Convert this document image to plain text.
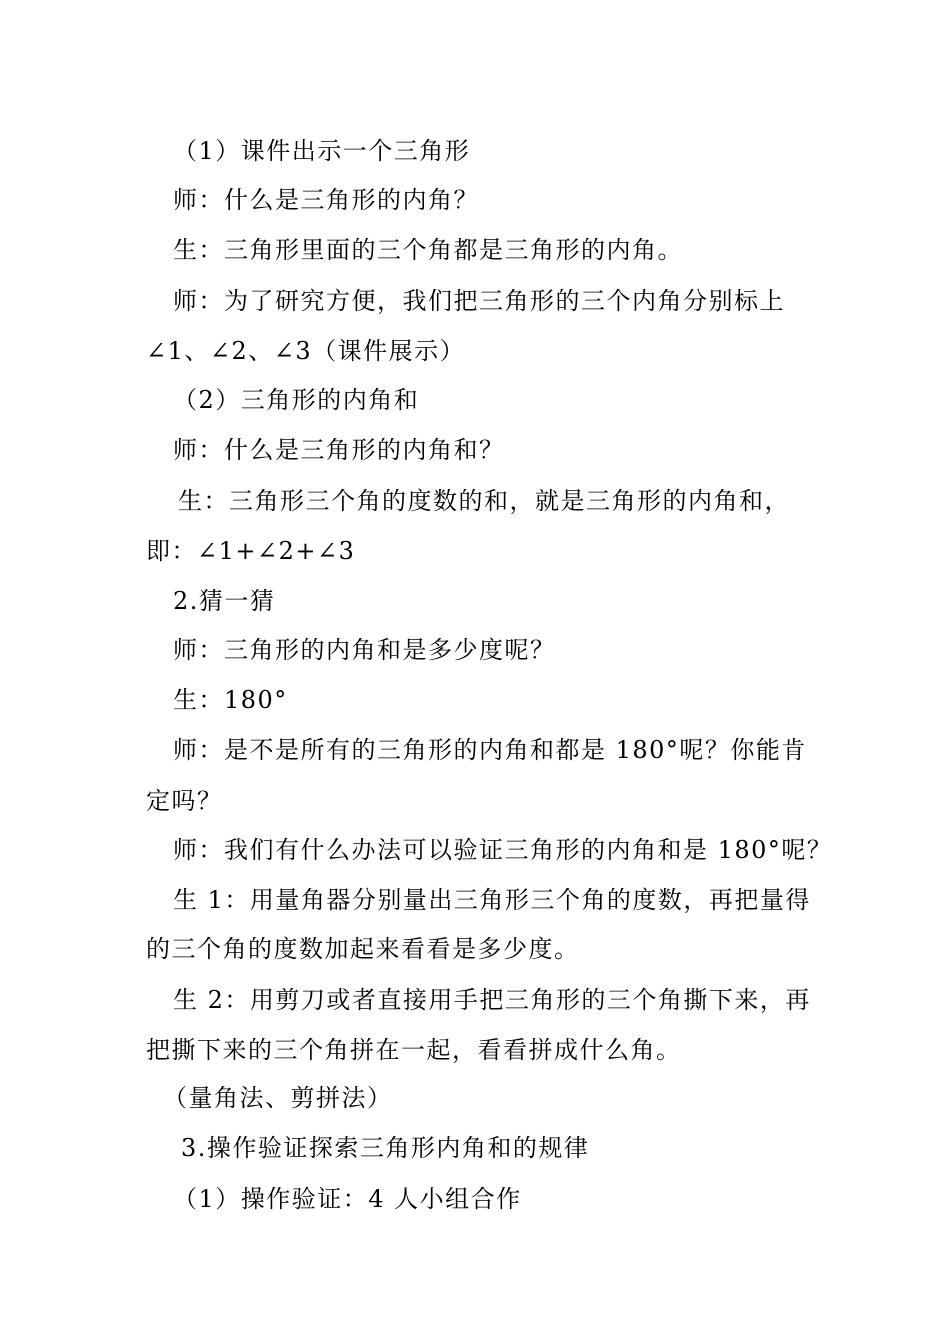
（1）课件出示一个三角形
师：什么是三角形的内角？
生：三角形里面的三个角都是三角形的内角。
师：为了研究方便，我们把三角形的三个内角分别标上
∠1、∠2、∠3（课件展示）
（2）三角形的内角和
师：什么是三角形的内角和？
生：三角形三个角的度数的和，就是三角形的内角和，
即：∠1+∠2+∠3
2.猜一猜
师：三角形的内角和是多少度呢？
生：180°
师：是不是所有的三角形的内角和都是 180°呢？你能肯
定吗？
师：我们有什么办法可以验证三角形的内角和是 180°呢？
生 1：用量角器分别量出三角形三个角的度数，再把量得
的三个角的度数加起来看看是多少度。
生 2：用剪刀或者直接用手把三角形的三个角撕下来，再
把撕下来的三个角拼在一起，看看拼成什么角。
（量角法、剪拼法）
3.操作验证探索三角形内角和的规律
（1）操作验证：4 人小组合作
